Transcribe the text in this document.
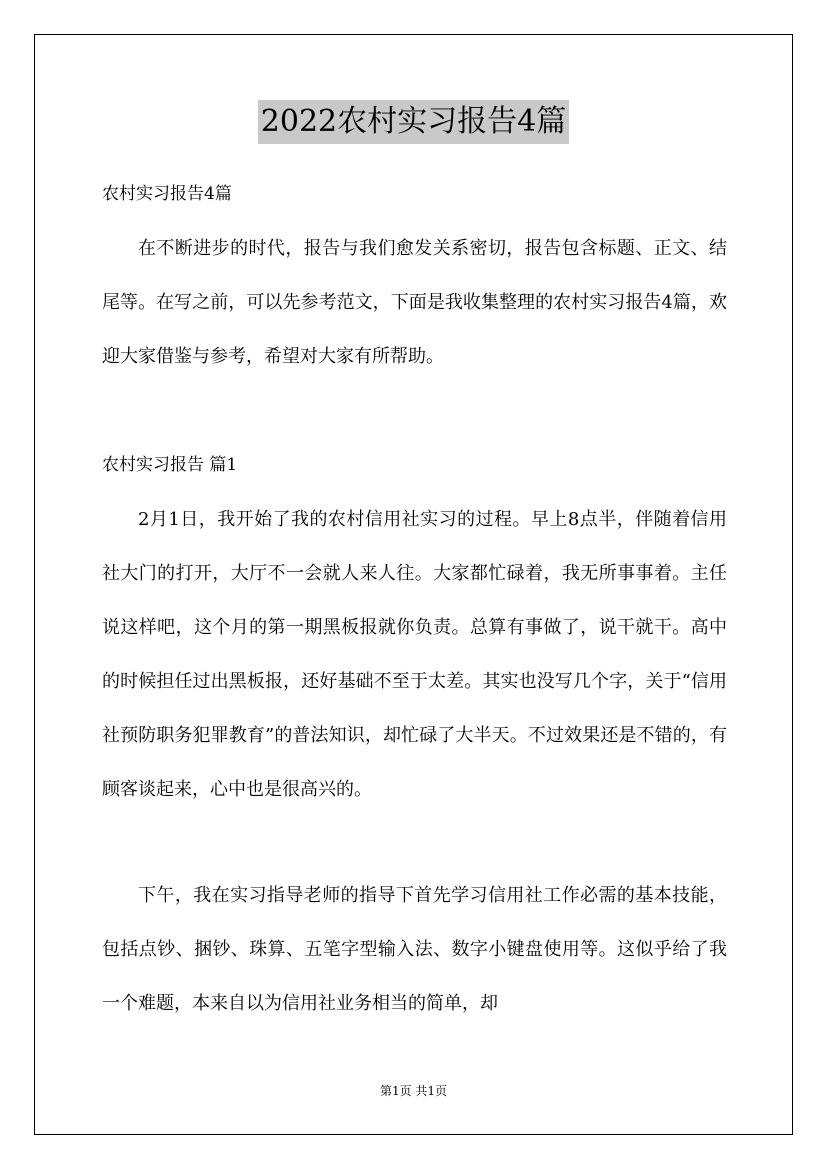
2022农村实习报告4篇

农村实习报告4篇

在不断进步的时代，报告与我们愈发关系密切，报告包含标题、正文、结尾等。在写之前，可以先参考范文，下面是我收集整理的农村实习报告4篇，欢迎大家借鉴与参考，希望对大家有所帮助。

农村实习报告 篇1

2月1日，我开始了我的农村信用社实习的过程。早上8点半，伴随着信用社大门的打开，大厅不一会就人来人往。大家都忙碌着，我无所事事着。主任说这样吧，这个月的第一期黑板报就你负责。总算有事做了，说干就干。高中的时候担任过出黑板报，还好基础不至于太差。其实也没写几个字，关于“信用社预防职务犯罪教育”的普法知识，却忙碌了大半天。不过效果还是不错的，有顾客谈起来，心中也是很高兴的。

下午，我在实习指导老师的指导下首先学习信用社工作必需的基本技能，包括点钞、捆钞、珠算、五笔字型输入法、数字小键盘使用等。这似乎给了我一个难题，本来自以为信用社业务相当的简单，却

第1页 共1页
